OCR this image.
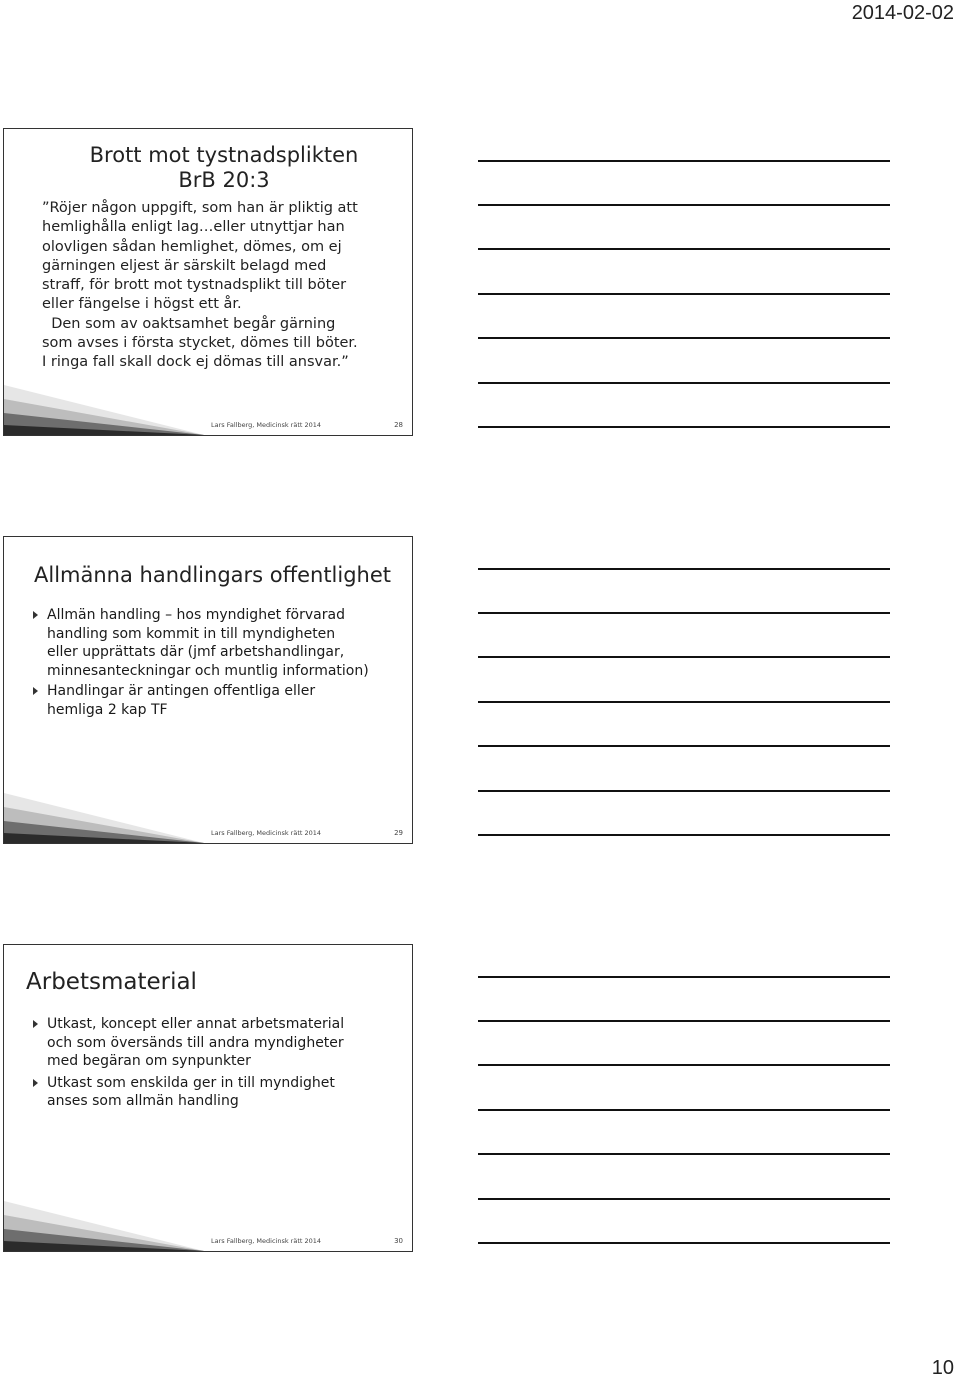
2014-02-02
Brott mot tystnadsplikten
BrB 20:3
”Röjer någon uppgift, som han är pliktig att
hemlighålla enligt lag…eller utnyttjar han
olovligen sådan hemlighet, dömes, om ej
gärningen eljest är särskilt belagd med
straff, för brott mot tystnadsplikt till böter
eller fängelse i högst ett år.
Den som av oaktsamhet begår gärning
som avses i första stycket, dömes till böter.
I ringa fall skall dock ej dömas till ansvar.”
Lars Fallberg, Medicinsk rätt 2014	28
Allmänna handlingars offentlighet
Allmän handling – hos myndighet förvarad
handling som kommit in till myndigheten
eller upprättats där (jmf arbetshandlingar,
minnesanteckningar och muntlig information)
Handlingar är antingen offentliga eller
hemliga 2 kap TF
Lars Fallberg, Medicinsk rätt 2014	29
Arbetsmaterial
Utkast, koncept eller annat arbetsmaterial
och som översänds till andra myndigheter
med begäran om synpunkter
Utkast som enskilda ger in till myndighet
anses som allmän handling
Lars Fallberg, Medicinsk rätt 2014	30
10
